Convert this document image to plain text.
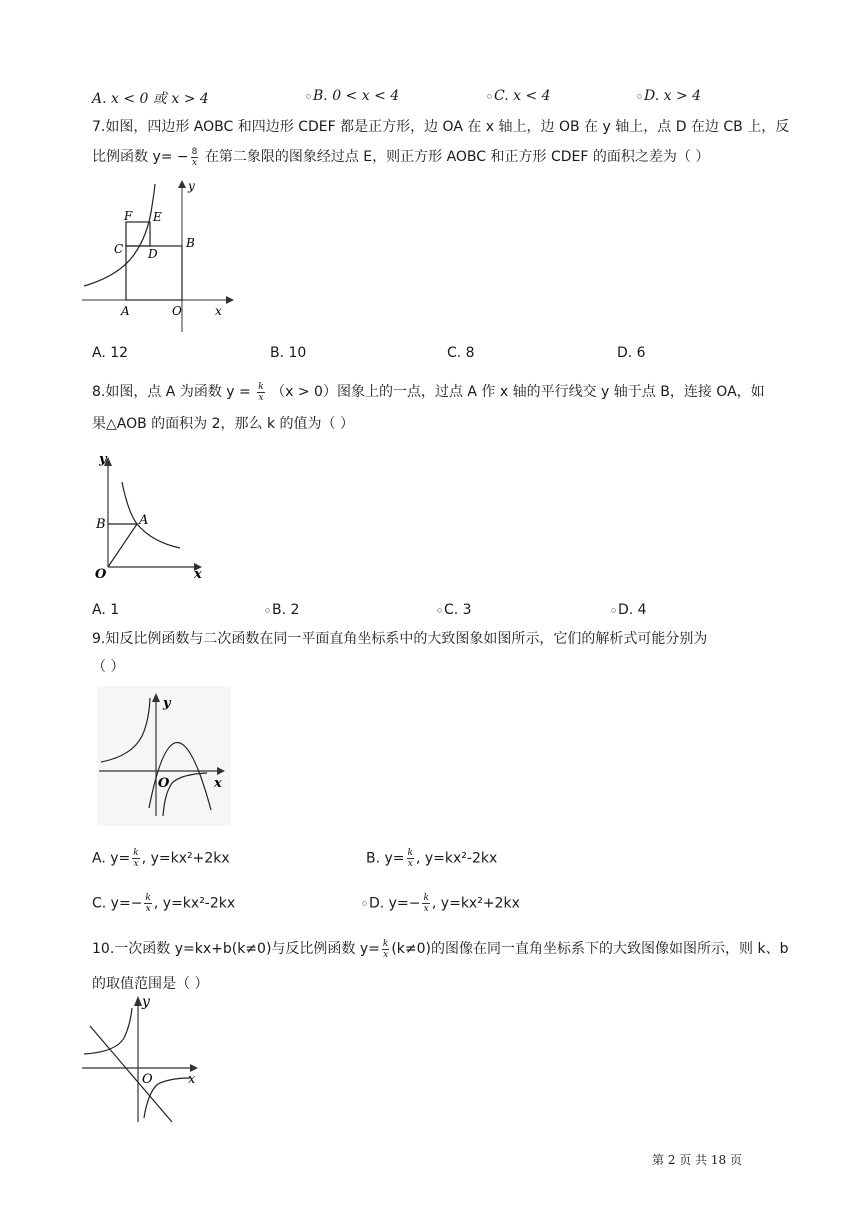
A. x < 0 或 x > 4	B. 0 < x < 4	C. x < 4	D. x > 4
7.如图，四边形 AOBC 和四边形 CDEF 都是正方形，边 OA 在 x 轴上，边 OB 在 y 轴上，点 D 在边 CB 上，反
比例函数 $y= - \frac{8}{x}$ 在第二象限的图象经过点 E，则正方形 AOBC 和正方形 CDEF 的面积之差为（ ）
F E
C D
B
A	O	x
y
A. 12	B. 10	C. 8	D. 6
8.如图，点 A 为函数 $y = \frac{k}{x} (x > 0)$图象上的一点，过点 A 作 x 轴的平行线交 y 轴于点 B，连接 OA，如
果△AOB 的面积为 2，那么 k 的值为（ ）
y
B	A
O	x
A. 1	B. 2	C. 3	D. 4
9.知反比例函数与二次函数在同一平面直角坐标系中的大致图象如图所示，它们的解析式可能分别为
（ ）
y
O	x
A. $y= \frac{k}{x}$ , y=kx²+2kx	B. $y= \frac{k}{x}$ , y=kx²-2kx
C. $y=- \frac{k}{x}$ , y=kx²-2kx	D. $y=- \frac{k}{x}$ , y=kx²+2kx
10.一次函数 y=kx+b(k≠0)与反比例函数 $y= \frac{k}{x} (k\ne 0)$的图像在同一直角坐标系下的大致图像如图所示，则 k、b
的取值范围是（ ）
y
O	x
第 2 页 共 18 页
